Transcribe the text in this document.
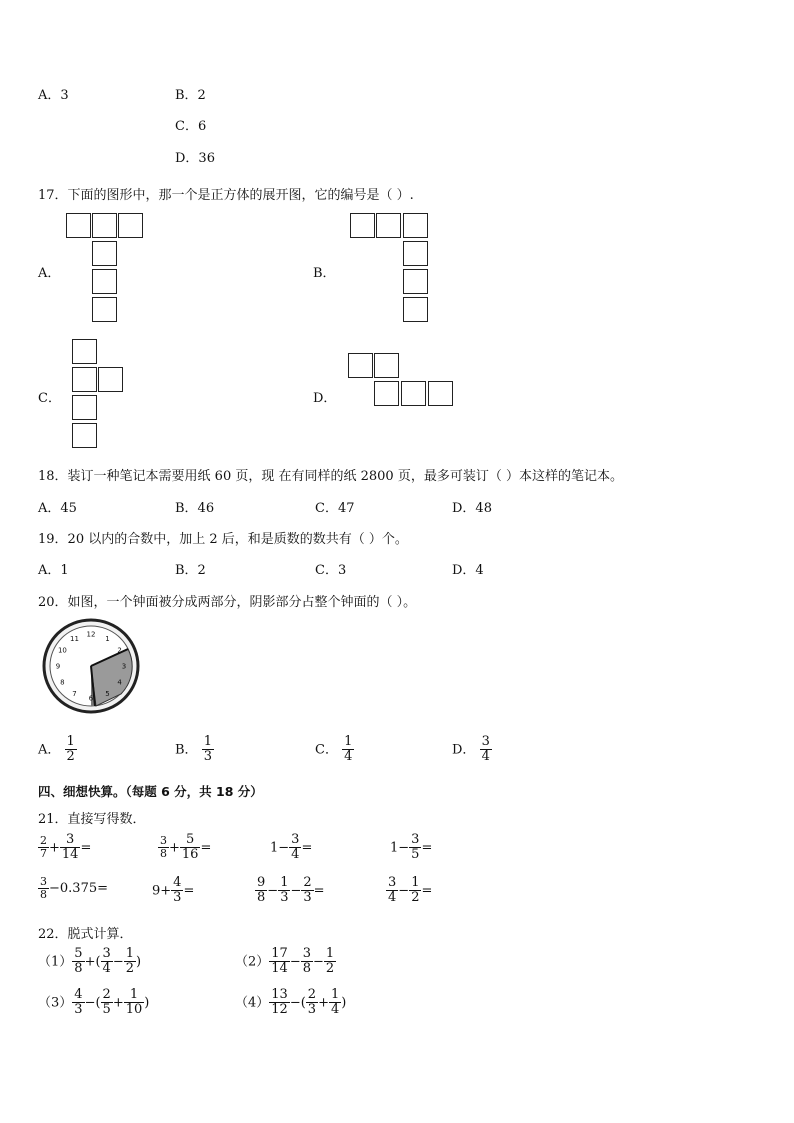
A．3	B．2
C．6
D．36
17．下面的图形中，那一个是正方体的展开图，它的编号是（ ）.
A．	B．
C．	D．
18．装订一种笔记本需要用纸 60 页，现 在有同样的纸 2800 页，最多可装订（ ）本这样的笔记本。
A．45	B．46	C．47	D．48
19．20 以内的合数中，加上 2 后，和是质数的数共有（ ）个。
A．1	B．2	C．3	D．4
20．如图，一个钟面被分成两部分，阴影部分占整个钟面的（ ）。
12
1
2
3
4
5
6
7
8
9
10
11
A． $\frac{1}{2}$	B． $\frac{1}{3}$	C． $\frac{1}{4}$	D． $\frac{3}{4}$
四、细想快算。（每题 6 分，共 18 分）
21．直接写得数．
$\frac{2}{7} + \frac{3}{14}$ =	$\frac{3}{8} + \frac{5}{16}$ =	$1- \frac{3}{4}$ =	$1- \frac{3}{5}$ =
$\frac{3}{8} -0.375=$	$9+ \frac{4}{3}$ =	$\frac{9}{8} - \frac{1}{3} - \frac{2}{3}$ =	$\frac{3}{4} - \frac{1}{2}$ =
22．脱式计算．
$(1) \frac{5}{8}$ +( $\frac{3}{4} - \frac{1}{2}$ )	$(2) \frac{17}{14} - \frac{3}{8} - \frac{1}{2}$
$(3) \frac{4}{3}$ −( $\frac{2}{5} + \frac{1}{10}$ )	$(4) \frac{13}{12}$ −( $\frac{2}{3} + \frac{1}{4}$ )
